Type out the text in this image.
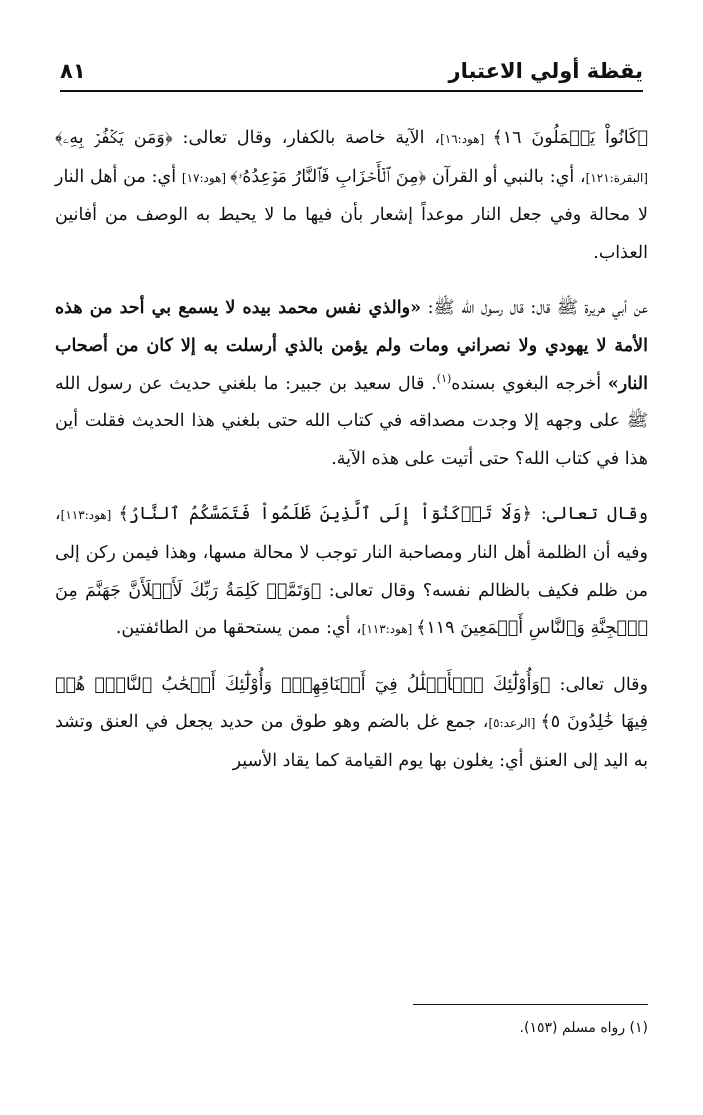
يقظة أولي الاعتبار
٨١

﴿كَانُواْ يَعۡمَلُونَ ١٦﴾ [هود:١٦]، الآية خاصة بالكفار، وقال تعالى: ﴿وَمَن يَكۡفُرۡ بِهِۦ﴾ [البقرة:١٢١]، أي: بالنبي أو القرآن ﴿مِنَ ٱلۡأَحۡزَابِ فَٱلنَّارُ مَوۡعِدُهُۥ﴾ [هود:١٧] أي: من أهل النار لا محالة وفي جعل النار موعداً إشعار بأن فيها ما لا يحيط به الوصف من أفانين العذاب.

عن أبي هريرة ﷺ قال: قال رسول الله ﷺ: «والذي نفس محمد بيده لا يسمع بي أحد من هذه الأمة لا يهودي ولا نصراني ومات ولم يؤمن بالذي أرسلت به إلا كان من أصحاب النار» أخرجه البغوي بسنده$^{(١)}$. قال سعيد بن جبير: ما بلغني حديث عن رسول الله ﷺ على وجهه إلا وجدت مصداقه في كتاب الله حتى بلغني هذا الحديث فقلت أين هذا في كتاب الله؟ حتى أتيت على هذه الآية.

وقال تعالى: ﴿وَلَا تَرۡكَنُوٓاْ إِلَى ٱلَّذِينَ ظَلَمُواْ فَتَمَسَّكُمُ ٱلنَّارُ﴾ [هود:١١٣]، وفيه أن الظلمة أهل النار ومصاحبة النار توجب لا محالة مسها، وهذا فيمن ركن إلى من ظلم فكيف بالظالم نفسه؟ وقال تعالى: ﴿وَتَمَّتۡ كَلِمَةُ رَبِّكَ لَأَمۡلَأَنَّ جَهَنَّمَ مِنَ ٱلۡجِنَّةِ وَٱلنَّاسِ أَجۡمَعِينَ ١١٩﴾ [هود:١١٣]، أي: ممن يستحقها من الطائفتين.

وقال تعالى: ﴿وَأُوْلَٰٓئِكَ ٱلۡأَغۡلَٰلُ فِيٓ أَعۡنَاقِهِمۡۖ وَأُوْلَٰٓئِكَ أَصۡحَٰبُ ٱلنَّارِۖ هُمۡ فِيهَا خَٰلِدُونَ ٥﴾ [الرعد:٥]، جمع غل بالضم وهو طوق من حديد يجعل في العنق وتشد به اليد إلى العنق أي: يغلون بها يوم القيامة كما يقاد الأسير

(١) رواه مسلم (١٥٣).
